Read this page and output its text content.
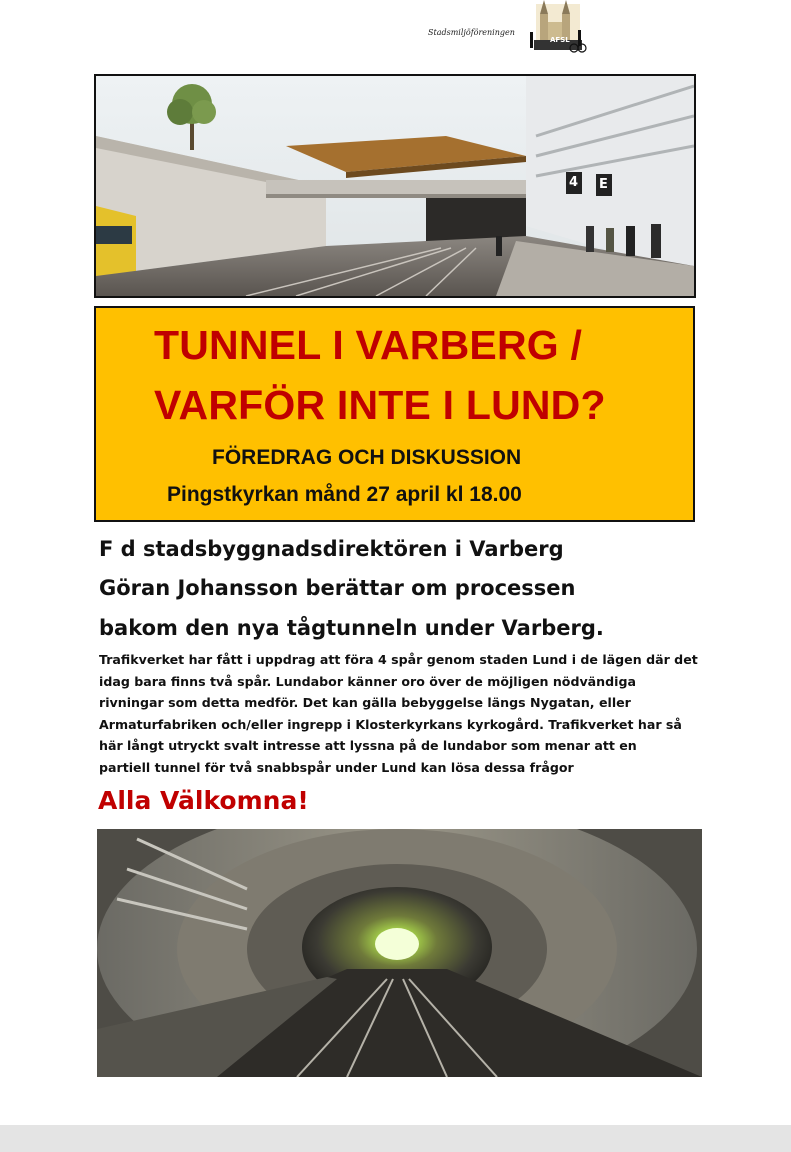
Stadsmiljöföreningen
AFSL
4 E
TUNNEL I VARBERG /
VARFÖR INTE I LUND?
FÖREDRAG OCH DISKUSSION
Pingstkyrkan månd 27 april kl 18.00
F d stadsbyggnadsdirektören i Varberg
Göran Johansson berättar om processen
bakom den nya tågtunneln under Varberg.
Trafikverket har fått i uppdrag att föra 4 spår genom staden Lund i de lägen där det
idag bara finns två spår. Lundabor känner oro över de möjligen nödvändiga
rivningar som detta medför. Det kan gälla bebyggelse längs Nygatan, eller
Armaturfabriken och/eller ingrepp i Klosterkyrkans kyrkogård. Trafikverket har så
här långt utryckt svalt intresse att lyssna på de lundabor som menar att en
partiell tunnel för två snabbspår under Lund kan lösa dessa frågor
Alla Välkomna!
